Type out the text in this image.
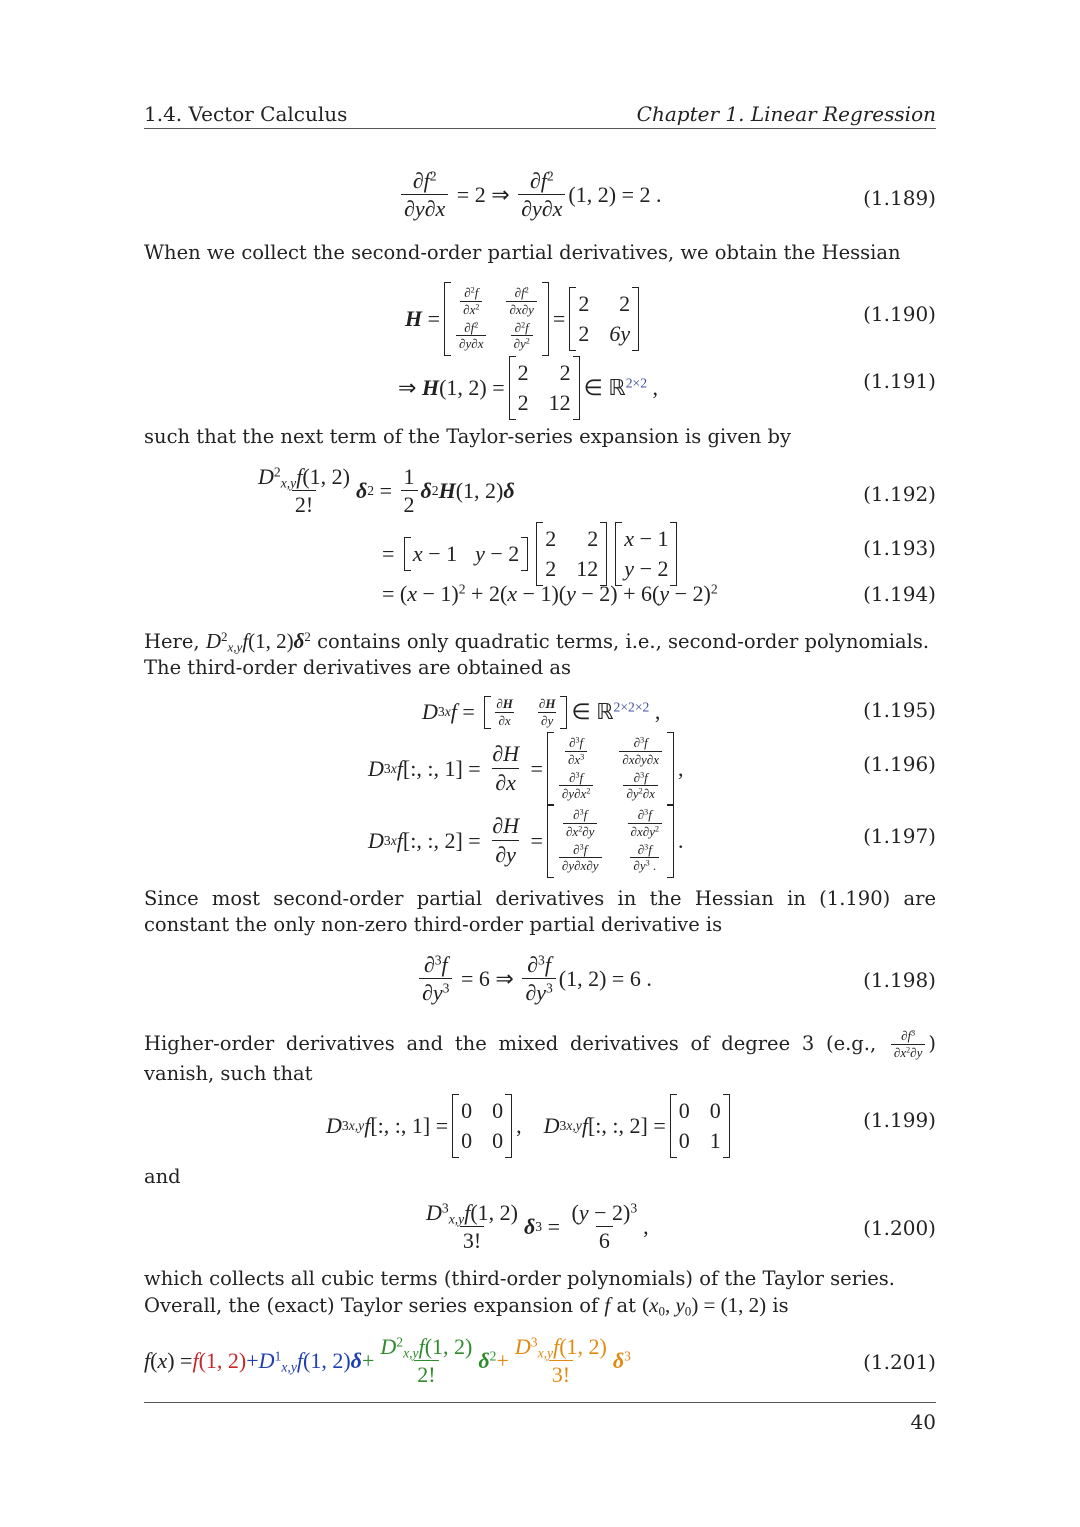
1.4. Vector Calculus	Chapter 1. Linear Regression
$\frac{\partial f^2}{\partial y\partial x} = 2$ ⇒ $\frac{\partial f^2}{\partial y\partial x} (1$, 2) = 2 .	(1.189)
When we collect the second-order partial derivatives, we obtain the Hessian
H =
$\frac{\partial^2f}{\partial x^2} \frac{\partial f^2}{\partial x\partial y}$
$\frac{\partial f^2}{\partial y\partial x} \frac{\partial^2f}{\partial y^2}$
=
2	2
2 6y
(1.190)
⇒ H (1, 2) =
2	2
2 12
∈ ℝ$^{2\times 2}$ ,	(1.191)
such that the next term of the Taylor-series expansion is given by
$\frac{D^2_{x,y}f(1, 2)}{2!}$ δ $2 = \frac{1}{2}$ δ 2 H (1, 2) δ	(1.192)
= x − 1 y − 2
2	2
2 12
x − 1
y − 2
(1.193)
= $(x - 1)^2 + 2(x - 1)(y - 2) + 6(y - 2)^2$	(1.194)
Here, $D^2_{x,y}f(1$, $2)\delta^2$ contains only quadratic terms, i.e., second-order polynomials.
The third-order derivatives are obtained as
D 3 x $f = \frac{\partial H}{\partial x} \frac{\partial H}{\partial y}$ ∈ ℝ$^{2\times 2\times 2}$ ,	(1.195)
D 3 x f [:, :, $1] = \frac{\partial H}{\partial x}$ =
$\frac{\partial^3f}{\partial x^3} \frac{\partial^3f}{\partial x\partial y\partial x}$
$\frac{\partial^3f}{\partial y\partial x^2} \frac{\partial^3f}{\partial y^2\partial x}$
,	(1.196)
D 3 x f [:, :, $2] = \frac{\partial H}{\partial y}$ =
$\frac{\partial^3f}{\partial x^2\partial y} \frac{\partial^3f}{\partial x\partial y^2}$
$\frac{\partial^3f}{\partial y\partial x\partial y} \frac{\partial^3f}{\partial y^3 .}$
.	(1.197)
Since most second-order partial derivatives in the Hessian in (1.190) are constant the only non-zero third-order partial derivative is
$\frac{\partial^3f}{\partial y^3} = 6$ ⇒ $\frac{\partial^3f}{\partial y^3} (1$, 2) = 6 .	(1.198)
Higher-order derivatives and the mixed derivatives of degree 3 (e.g., $\frac{\partial f^3}{\partial x^2\partial y}$ ) vanish, such that
D 3 x,y f [:, :, 1] =
0 0
0 0
, D 3 x,y f [:, :, 2] =
0 0
0 1
(1.199)
and
$\frac{D^3_{x,y}f(1, 2)}{3!}$ δ $3 = \frac{(y - 2)^3}{6}$ ,	(1.200)
which collects all cubic terms (third-order polynomials) of the Taylor series.
Overall, the (exact) Taylor series expansion of f at ($x_0$, $y_0) = (1$, 2) is
f(x) = f(1, $2) +D^1_{x,y}f(1$, $2)\delta + \frac{D^2_{x,y}f(1, 2)}{2!} \delta^2 + \frac{D^3_{x,y}f(1, 2)}{3!} \delta^3$	(1.201)
40
